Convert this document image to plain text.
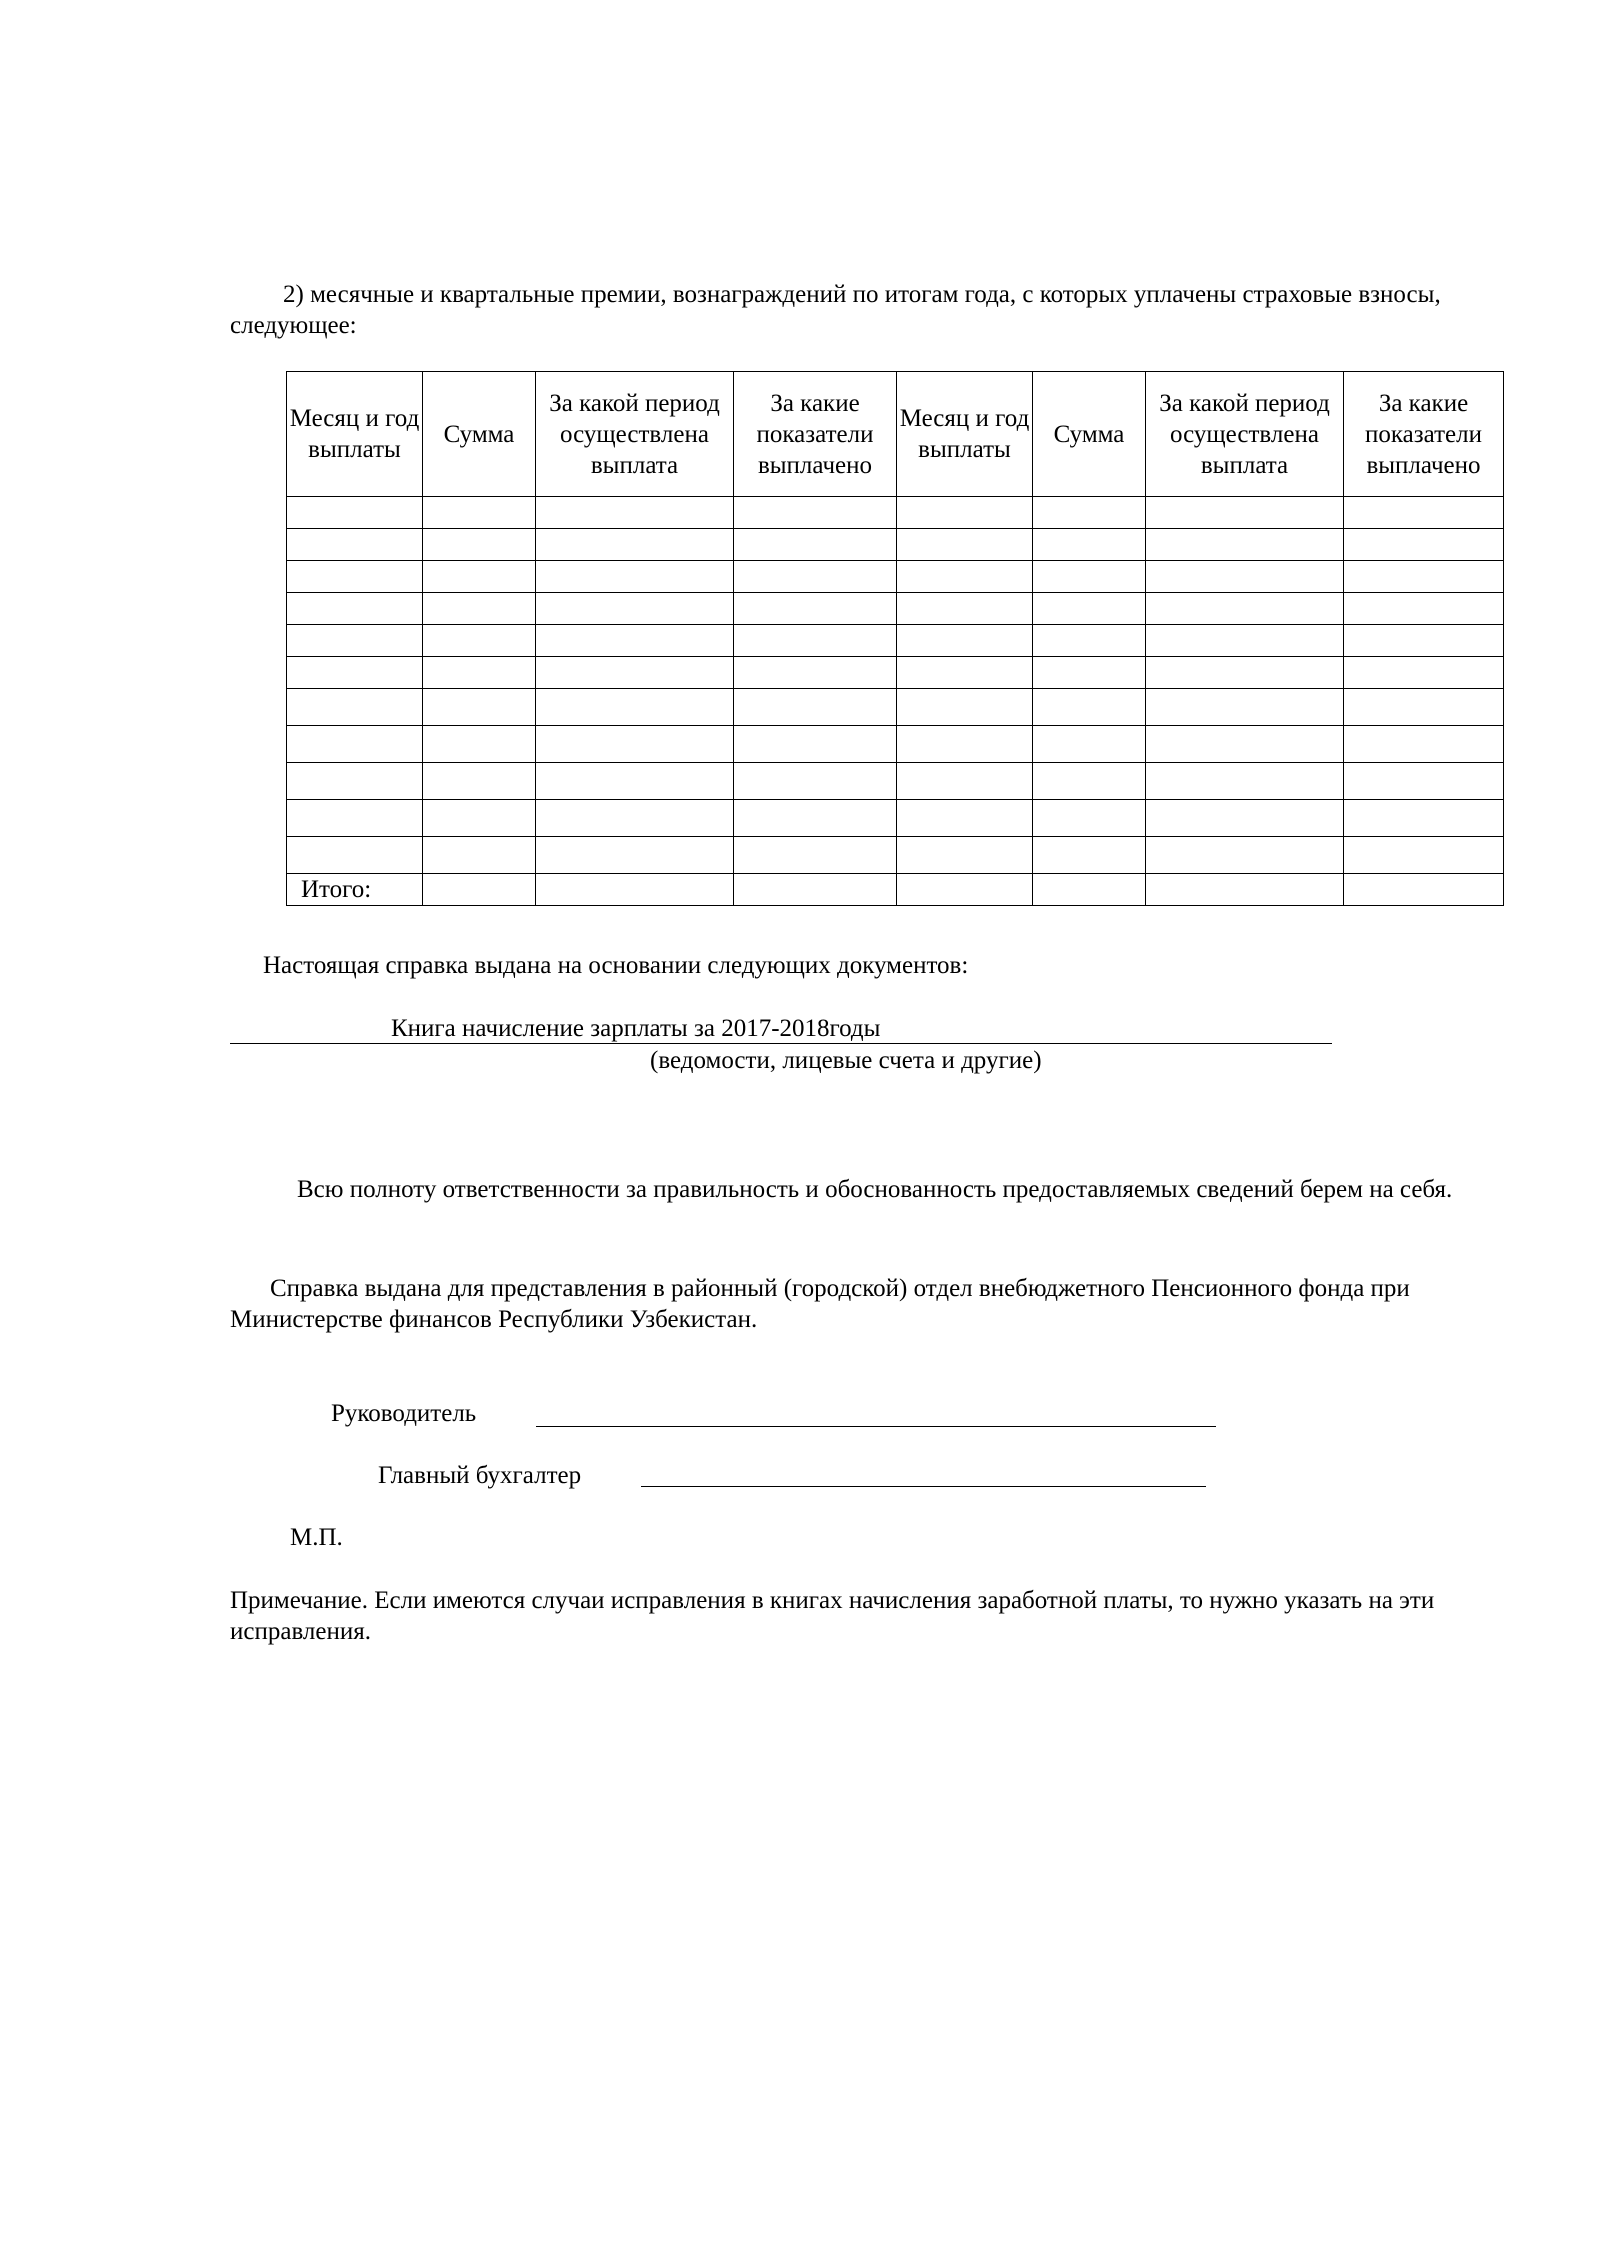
2) месячные и квартальные премии, вознаграждений по итогам года, с которых уплачены страховые взносы, следующее:
Месяц и год выплаты	Сумма	За какой период осуществлена выплата	За какие показатели выплачено	Месяц и год выплаты	Сумма	За какой период осуществлена выплата	За какие показатели выплачено

Итого:							
Настоящая справка выдана на основании следующих документов:
Книга начисление зарплаты за 2017-2018годы
(ведомости, лицевые счета и другие)
Всю полноту ответственности за правильность и обоснованность предоставляемых сведений берем на себя.
Справка выдана для представления в районный (городской) отдел внебюджетного Пенсионного фонда при Министерстве финансов Республики Узбекистан.
Руководитель
Главный бухгалтер
М.П.
Примечание. Если имеются случаи исправления в книгах начисления заработной платы, то нужно указать на эти исправления.
